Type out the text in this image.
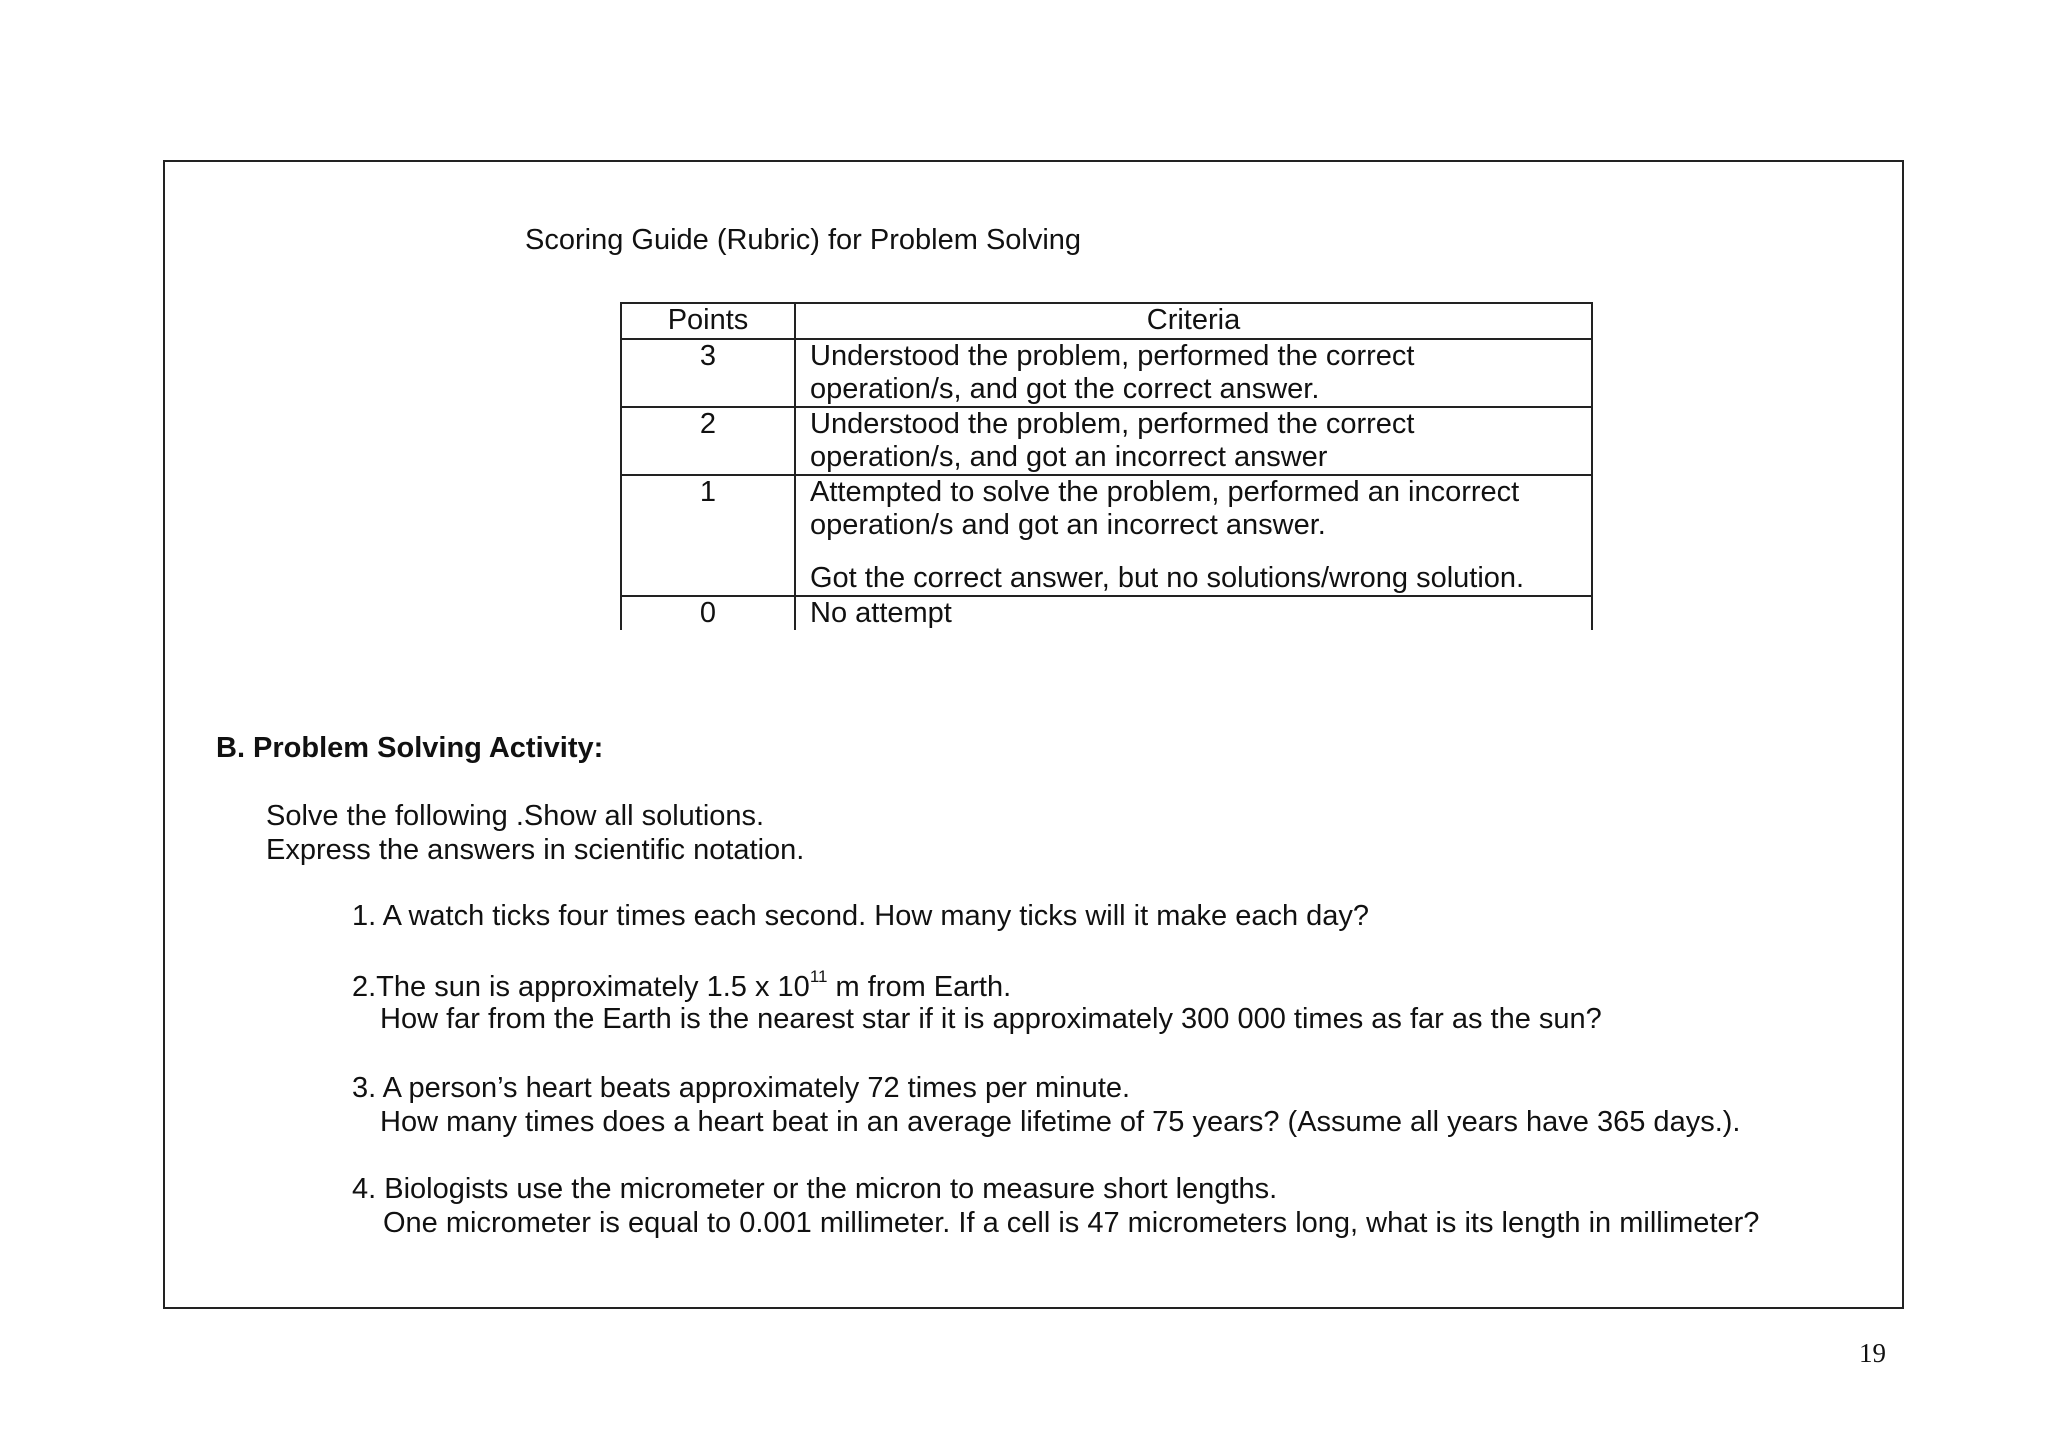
Scoring Guide (Rubric) for Problem Solving
Points	Criteria
3	Understood the problem, performed the correct
operation/s, and got the correct answer.

2	Understood the problem, performed the correct
operation/s, and got an incorrect answer

1	Attempted to solve the problem, performed an incorrect
operation/s and got an incorrect answer.
Got the correct answer, but no solutions/wrong solution.

0	No attempt
B. Problem Solving Activity:
Solve the following .Show all solutions.
Express the answers in scientific notation.
1. A watch ticks four times each second. How many ticks will it make each day?
2.The sun is approximately 1.5 x $10^{11}$ m from Earth.
How far from the Earth is the nearest star if it is approximately 300 000 times as far as the sun?
3. A person’s heart beats approximately 72 times per minute.
How many times does a heart beat in an average lifetime of 75 years? (Assume all years have 365 days.).
4. Biologists use the micrometer or the micron to measure short lengths.
One micrometer is equal to 0.001 millimeter. If a cell is 47 micrometers long, what is its length in millimeter?
19
